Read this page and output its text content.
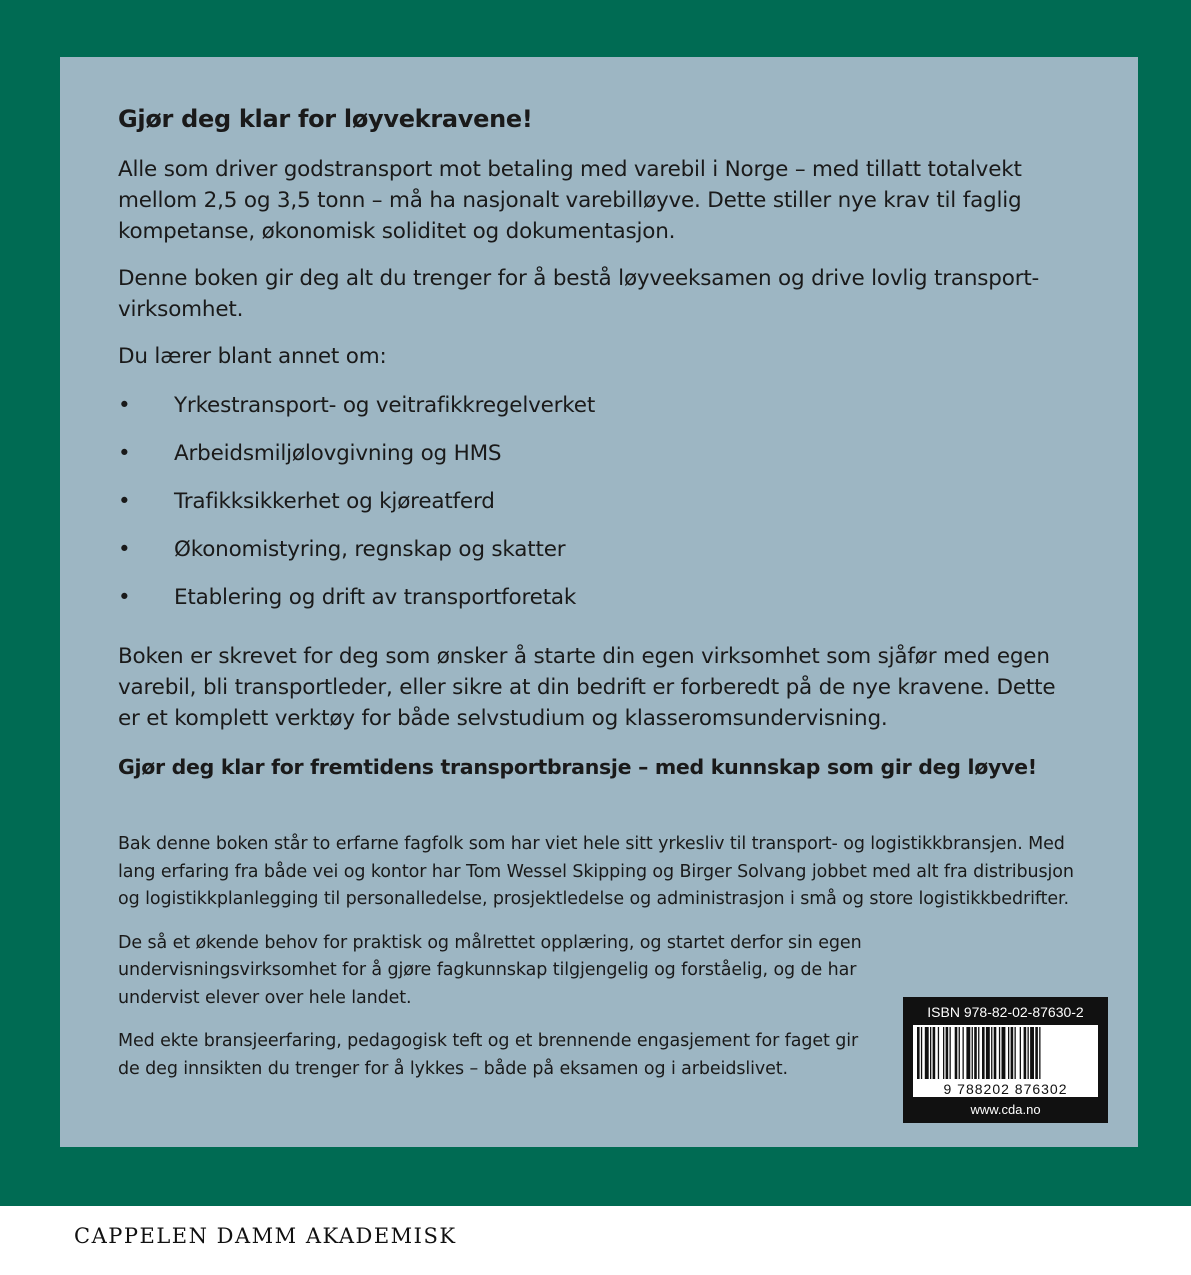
Gjør deg klar for løyvekravene!

Alle som driver godstransport mot betaling med varebil i Norge – med tillatt totalvekt mellom 2,5 og 3,5 tonn – må ha nasjonalt varebilløyve. Dette stiller nye krav til faglig kompetanse, økonomisk soliditet og dokumentasjon.

Denne boken gir deg alt du trenger for å bestå løyveeksamen og drive lovlig transport-virksomhet.

Du lærer blant annet om:

•	Yrkestransport- og veitrafikkregelverket
•	Arbeidsmiljølovgivning og HMS
•	Trafikksikkerhet og kjøreatferd
•	Økonomistyring, regnskap og skatter
•	Etablering og drift av transportforetak

Boken er skrevet for deg som ønsker å starte din egen virksomhet som sjåfør med egen varebil, bli transportleder, eller sikre at din bedrift er forberedt på de nye kravene. Dette er et komplett verktøy for både selvstudium og klasseromsundervisning.

Gjør deg klar for fremtidens transportbransje – med kunnskap som gir deg løyve!

Bak denne boken står to erfarne fagfolk som har viet hele sitt yrkesliv til transport- og logistikkbransjen. Med lang erfaring fra både vei og kontor har Tom Wessel Skipping og Birger Solvang jobbet med alt fra distribusjon og logistikkplanlegging til personalledelse, prosjektledelse og administrasjon i små og store logistikkbedrifter.

De så et økende behov for praktisk og målrettet opplæring, og startet derfor sin egen undervisningsvirksomhet for å gjøre fagkunnskap tilgjengelig og forståelig, og de har undervist elever over hele landet.

Med ekte bransjeerfaring, pedagogisk teft og et brennende engasjement for faget gir de deg innsikten du trenger for å lykkes – både på eksamen og i arbeidslivet.

ISBN 978-82-02-87630-2
9 788202 876302
www.cda.no
CAPPELEN DAMM AKADEMISK
